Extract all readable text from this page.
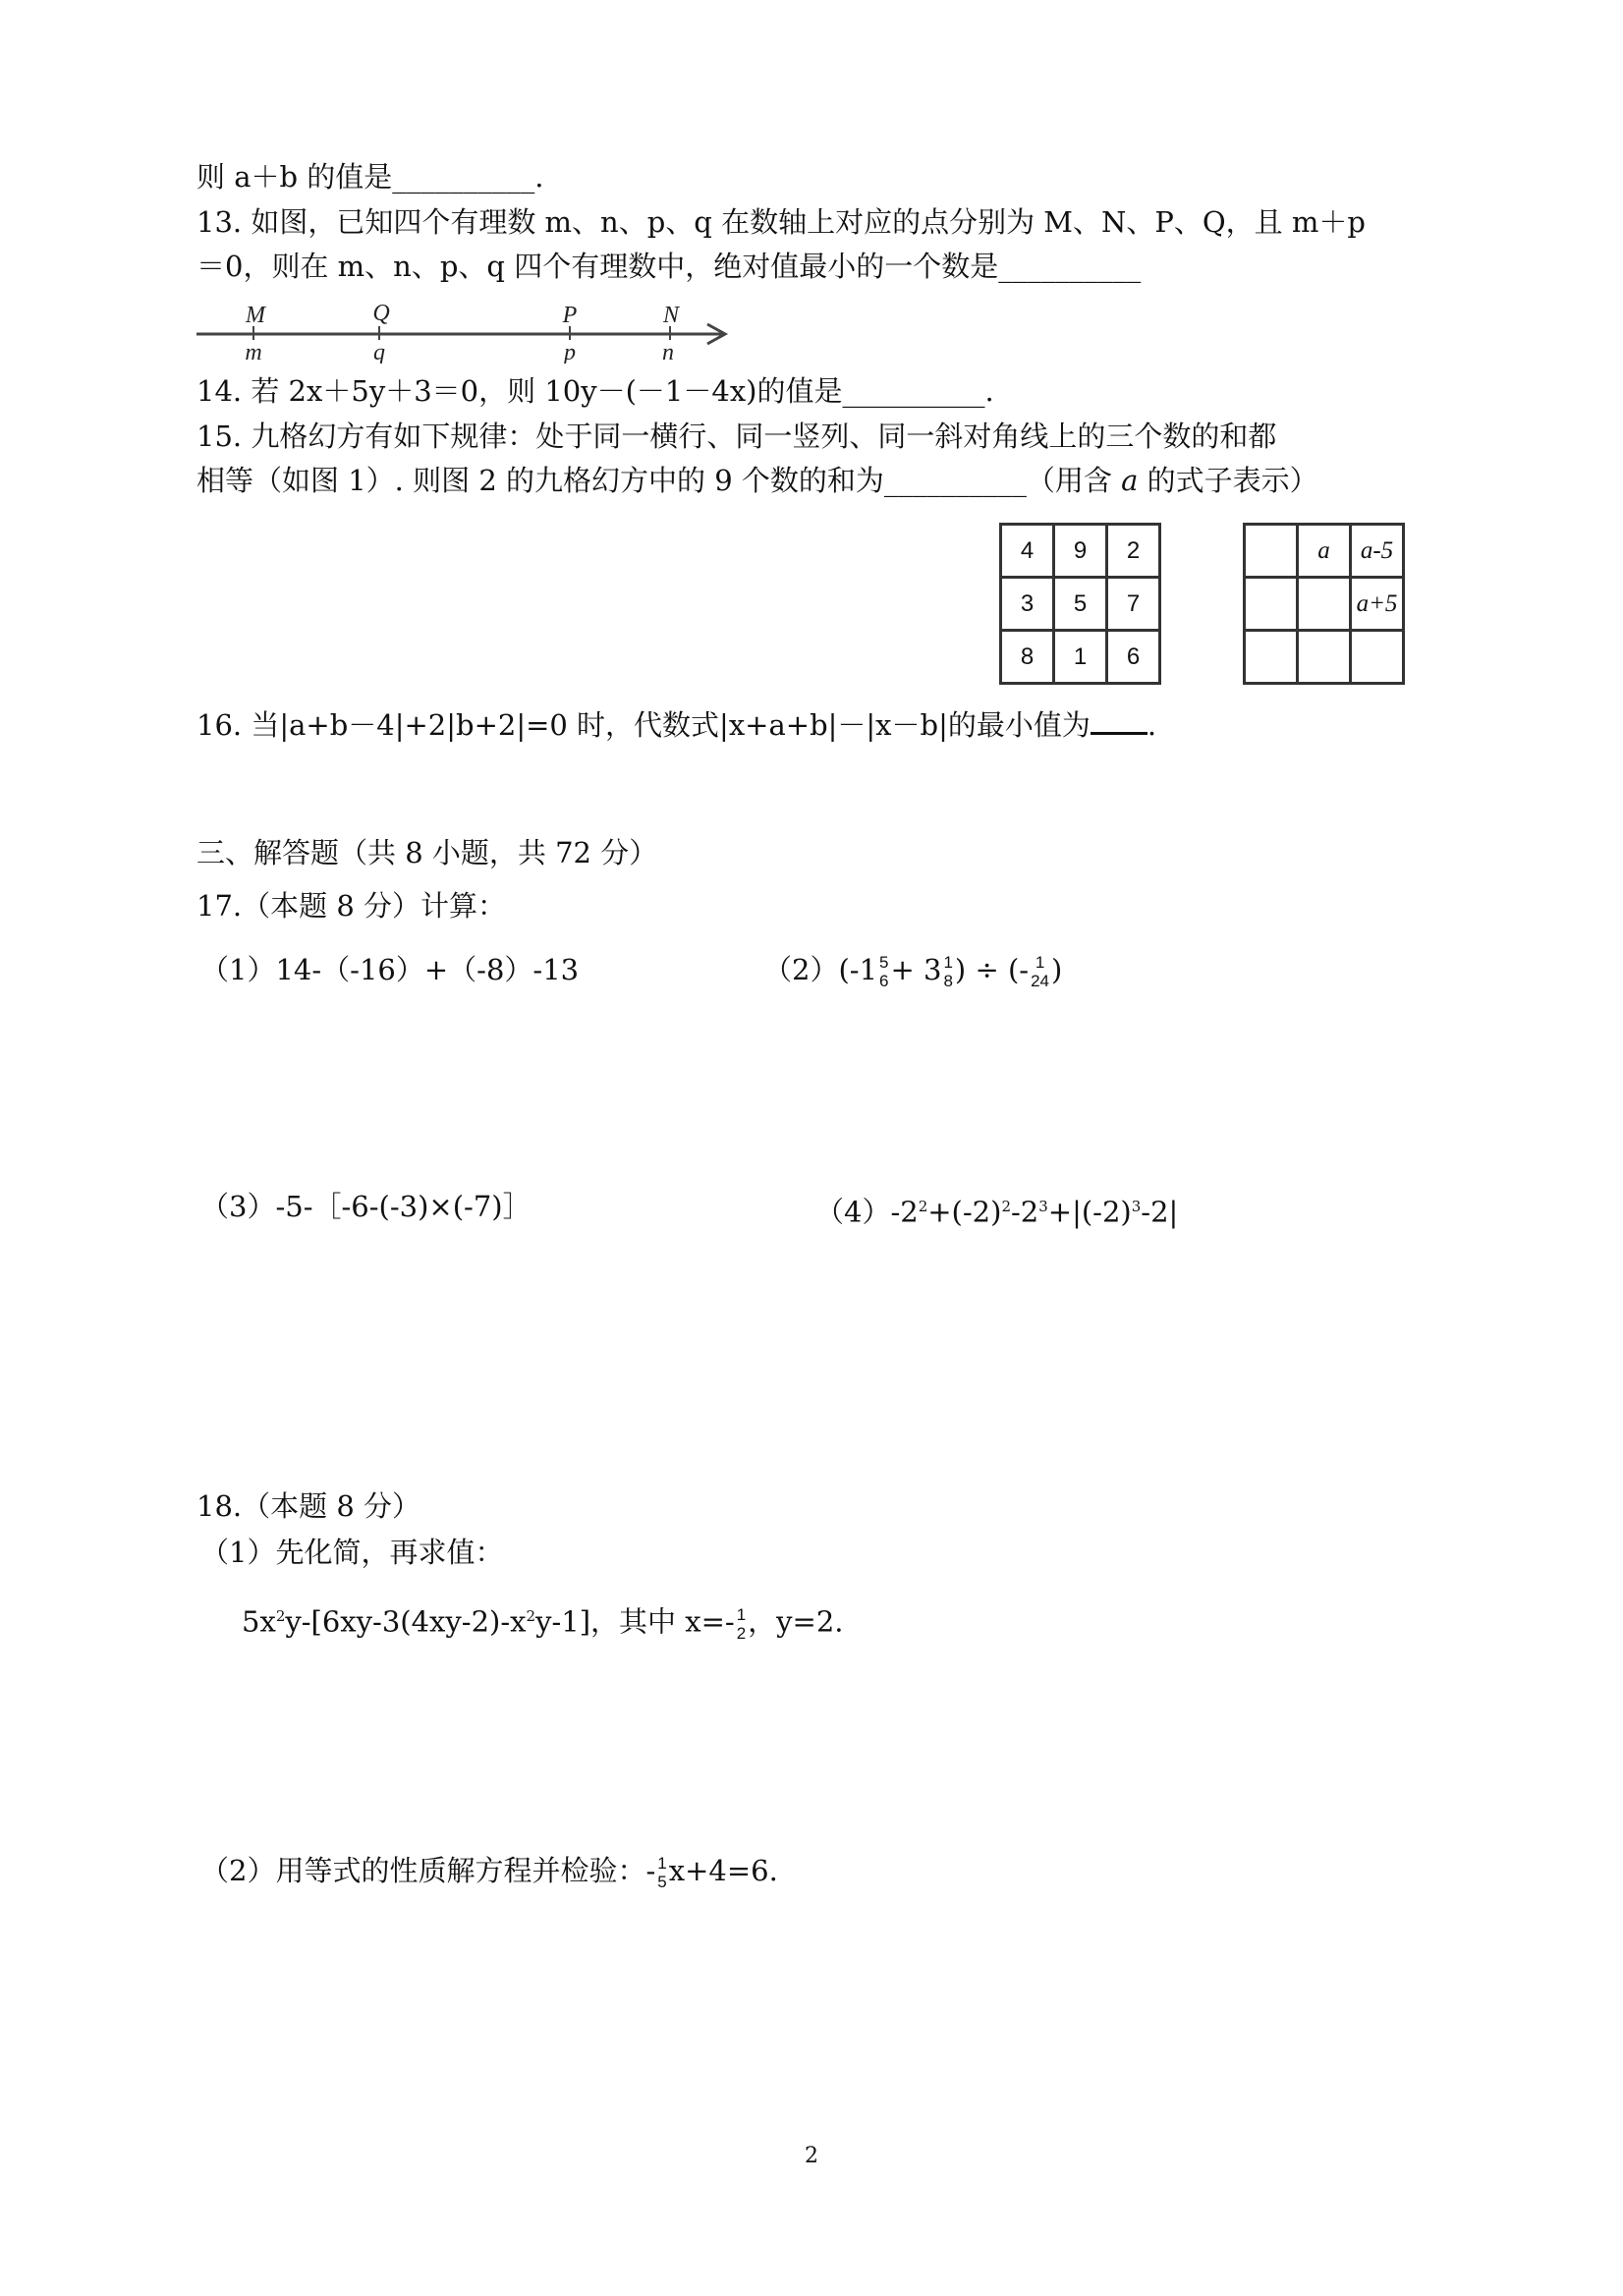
则 a＋b 的值是__________.
13. 如图，已知四个有理数 m、n、p、q 在数轴上对应的点分别为 M、N、P、Q，且 m＋p
＝0，则在 m、n、p、q 四个有理数中，绝对值最小的一个数是__________
M
m
Q
q
P
p
N
n
14. 若 2x＋5y＋3＝0，则 10y－(－1－4x)的值是__________.
15. 九格幻方有如下规律：处于同一横行、同一竖列、同一斜对角线上的三个数的和都
相等（如图 1）. 则图 2 的九格幻方中的 9 个数的和为__________（用含 a 的式子表示）
4	9	2
3	5	7
8	1	6
	a	a-5
		a+5

16. 当|a+b－4|+2|b+2|=0 时，代数式|x+a+b|－|x－b|的最小值为 .
三、解答题（共 8 小题，共 72 分）
17.（本题 8 分）计算：
（1）14-（-16）+（-8）-13	（2）(-1 5
6 + 3 1
8 ) ÷ (- 1
24 )
（3）-5-［-6-(-3)×(-7)］	$(4)-2^2+(-2)^2-2^3+|(-2)^3-2|$
18.（本题 8 分）
（1）先化简，再求值：
$5x^2y-[6xy-3(4xy-2)-x^2y-1]$，其中 x=- 1
2 ，y=2.
（2）用等式的性质解方程并检验：- 1
5 x+4=6.
2
